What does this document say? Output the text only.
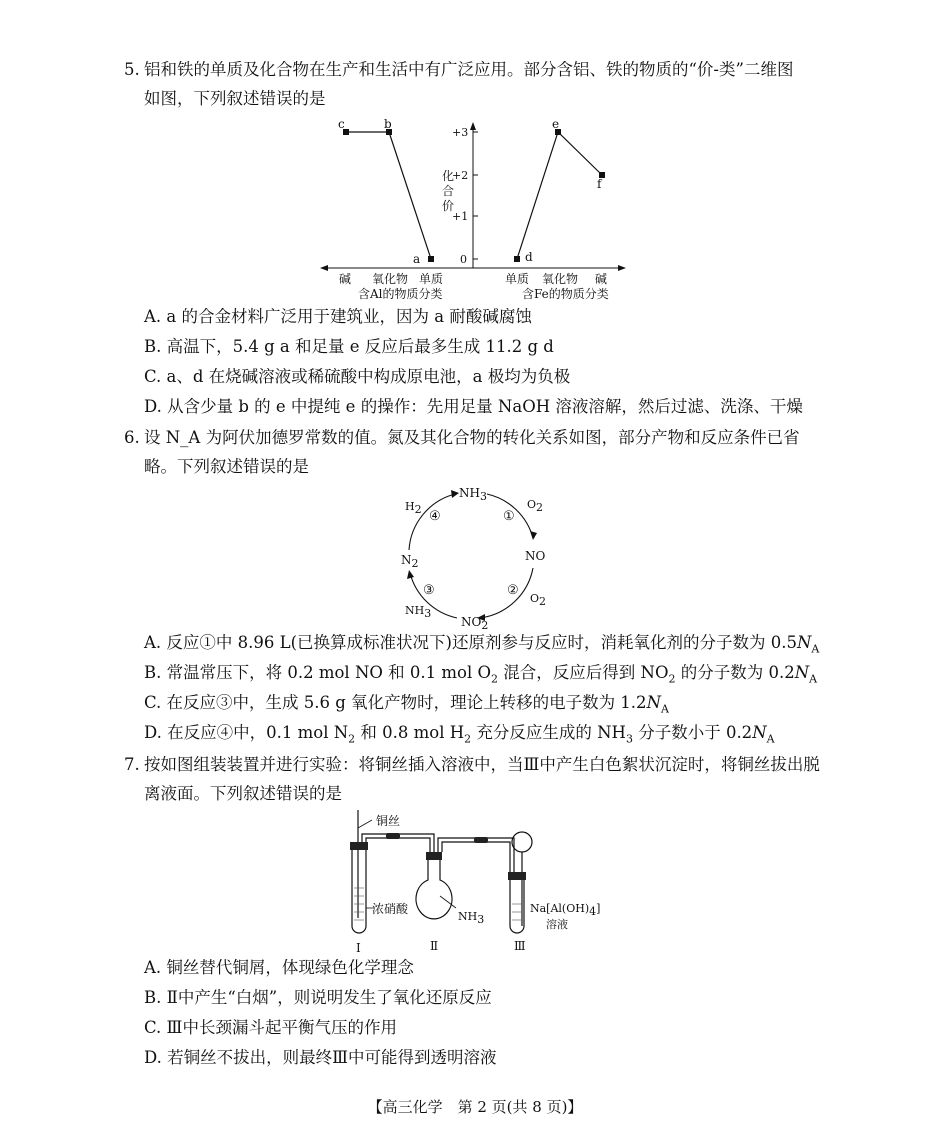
5. 铝和铁的单质及化合物在生产和生活中有广泛应用。部分含铝、铁的物质的“价-类”二维图
如图，下列叙述错误的是
+3
+2
+1
0
化
合
价
c	b
a	d
e
f
碱 氧化物 单质	单质 氧化物 碱
含Al的物质分类	含Fe的物质分类
A. a 的合金材料广泛用于建筑业，因为 a 耐酸碱腐蚀
B. 高温下，5.4 g a 和足量 e 反应后最多生成 11.2 g d
C. a、d 在烧碱溶液或稀硫酸中构成原电池，a 极均为负极
D. 从含少量 b 的 e 中提纯 e 的操作：先用足量 NaOH 溶液溶解，然后过滤、洗涤、干燥
6. 设 N_A 为阿伏加德罗常数的值。氮及其化合物的转化关系如图，部分产物和反应条件已省
略。下列叙述错误的是
NH3
NO
NO2
N2
O2
O2
NH3
H2	①
②
③
④
A. 反应①中 8.96 L(已换算成标准状况下)还原剂参与反应时，消耗氧化剂的分子数为 $0.5N_A$
B. 常温常压下，将 0.2 mol NO 和 0.1 mol $O_2$ 混合，反应后得到 $NO_2$ 的分子数为 $0.2N_A$
C. 在反应③中，生成 5.6 g 氧化产物时，理论上转移的电子数为 $1.2N_A$
D. 在反应④中，0.1 mol $N_2$ 和 0.8 mol $H_2$ 充分反应生成的 $NH_3$ 分子数小于 $0.2N_A$
7. 按如图组装装置并进行实验：将铜丝插入溶液中，当Ⅲ中产生白色絮状沉淀时，将铜丝拔出脱
离液面。下列叙述错误的是
铜丝
浓硝酸
Ⅰ
NH3
Ⅱ
Na[Al(OH)4]
溶液
Ⅲ
A. 铜丝替代铜屑，体现绿色化学理念
B. Ⅱ中产生“白烟”，则说明发生了氧化还原反应
C. Ⅲ中长颈漏斗起平衡气压的作用
D. 若铜丝不拔出，则最终Ⅲ中可能得到透明溶液
【高三化学　第 2 页(共 8 页)】
